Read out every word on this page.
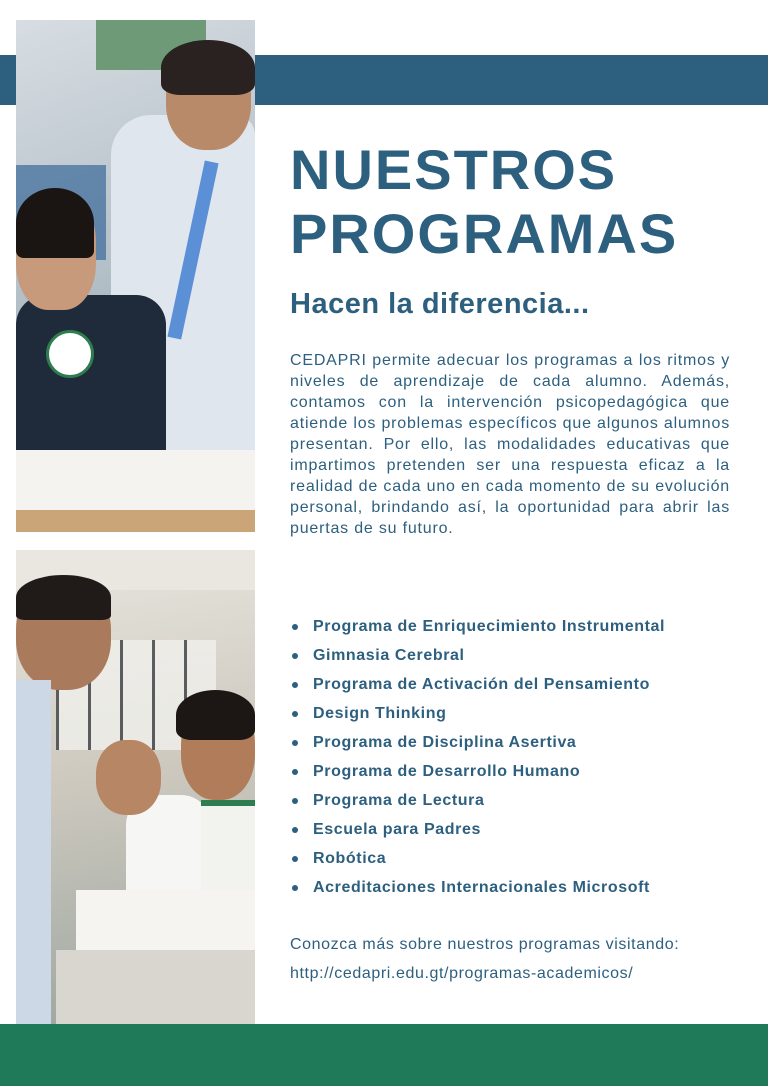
NUESTROS
PROGRAMAS
Hacen la diferencia...

CEDAPRI permite adecuar los programas a los ritmos y niveles de aprendizaje de cada alumno. Además, contamos con la intervención psicopedagógica que atiende los problemas específicos que algunos alumnos presentan. Por ello, las modalidades educativas que impartimos pretenden ser una respuesta eficaz a la realidad de cada uno en cada momento de su evolución personal, brindando así, la oportunidad para abrir las puertas de su futuro.

Programa de Enriquecimiento Instrumental
Gimnasia Cerebral
Programa de Activación del Pensamiento
Design Thinking
Programa de Disciplina Asertiva
Programa de Desarrollo Humano
Programa de Lectura
Escuela para Padres
Robótica
Acreditaciones Internacionales Microsoft

Conozca más sobre nuestros programas visitando:
http://cedapri.edu.gt/programas-academicos/
